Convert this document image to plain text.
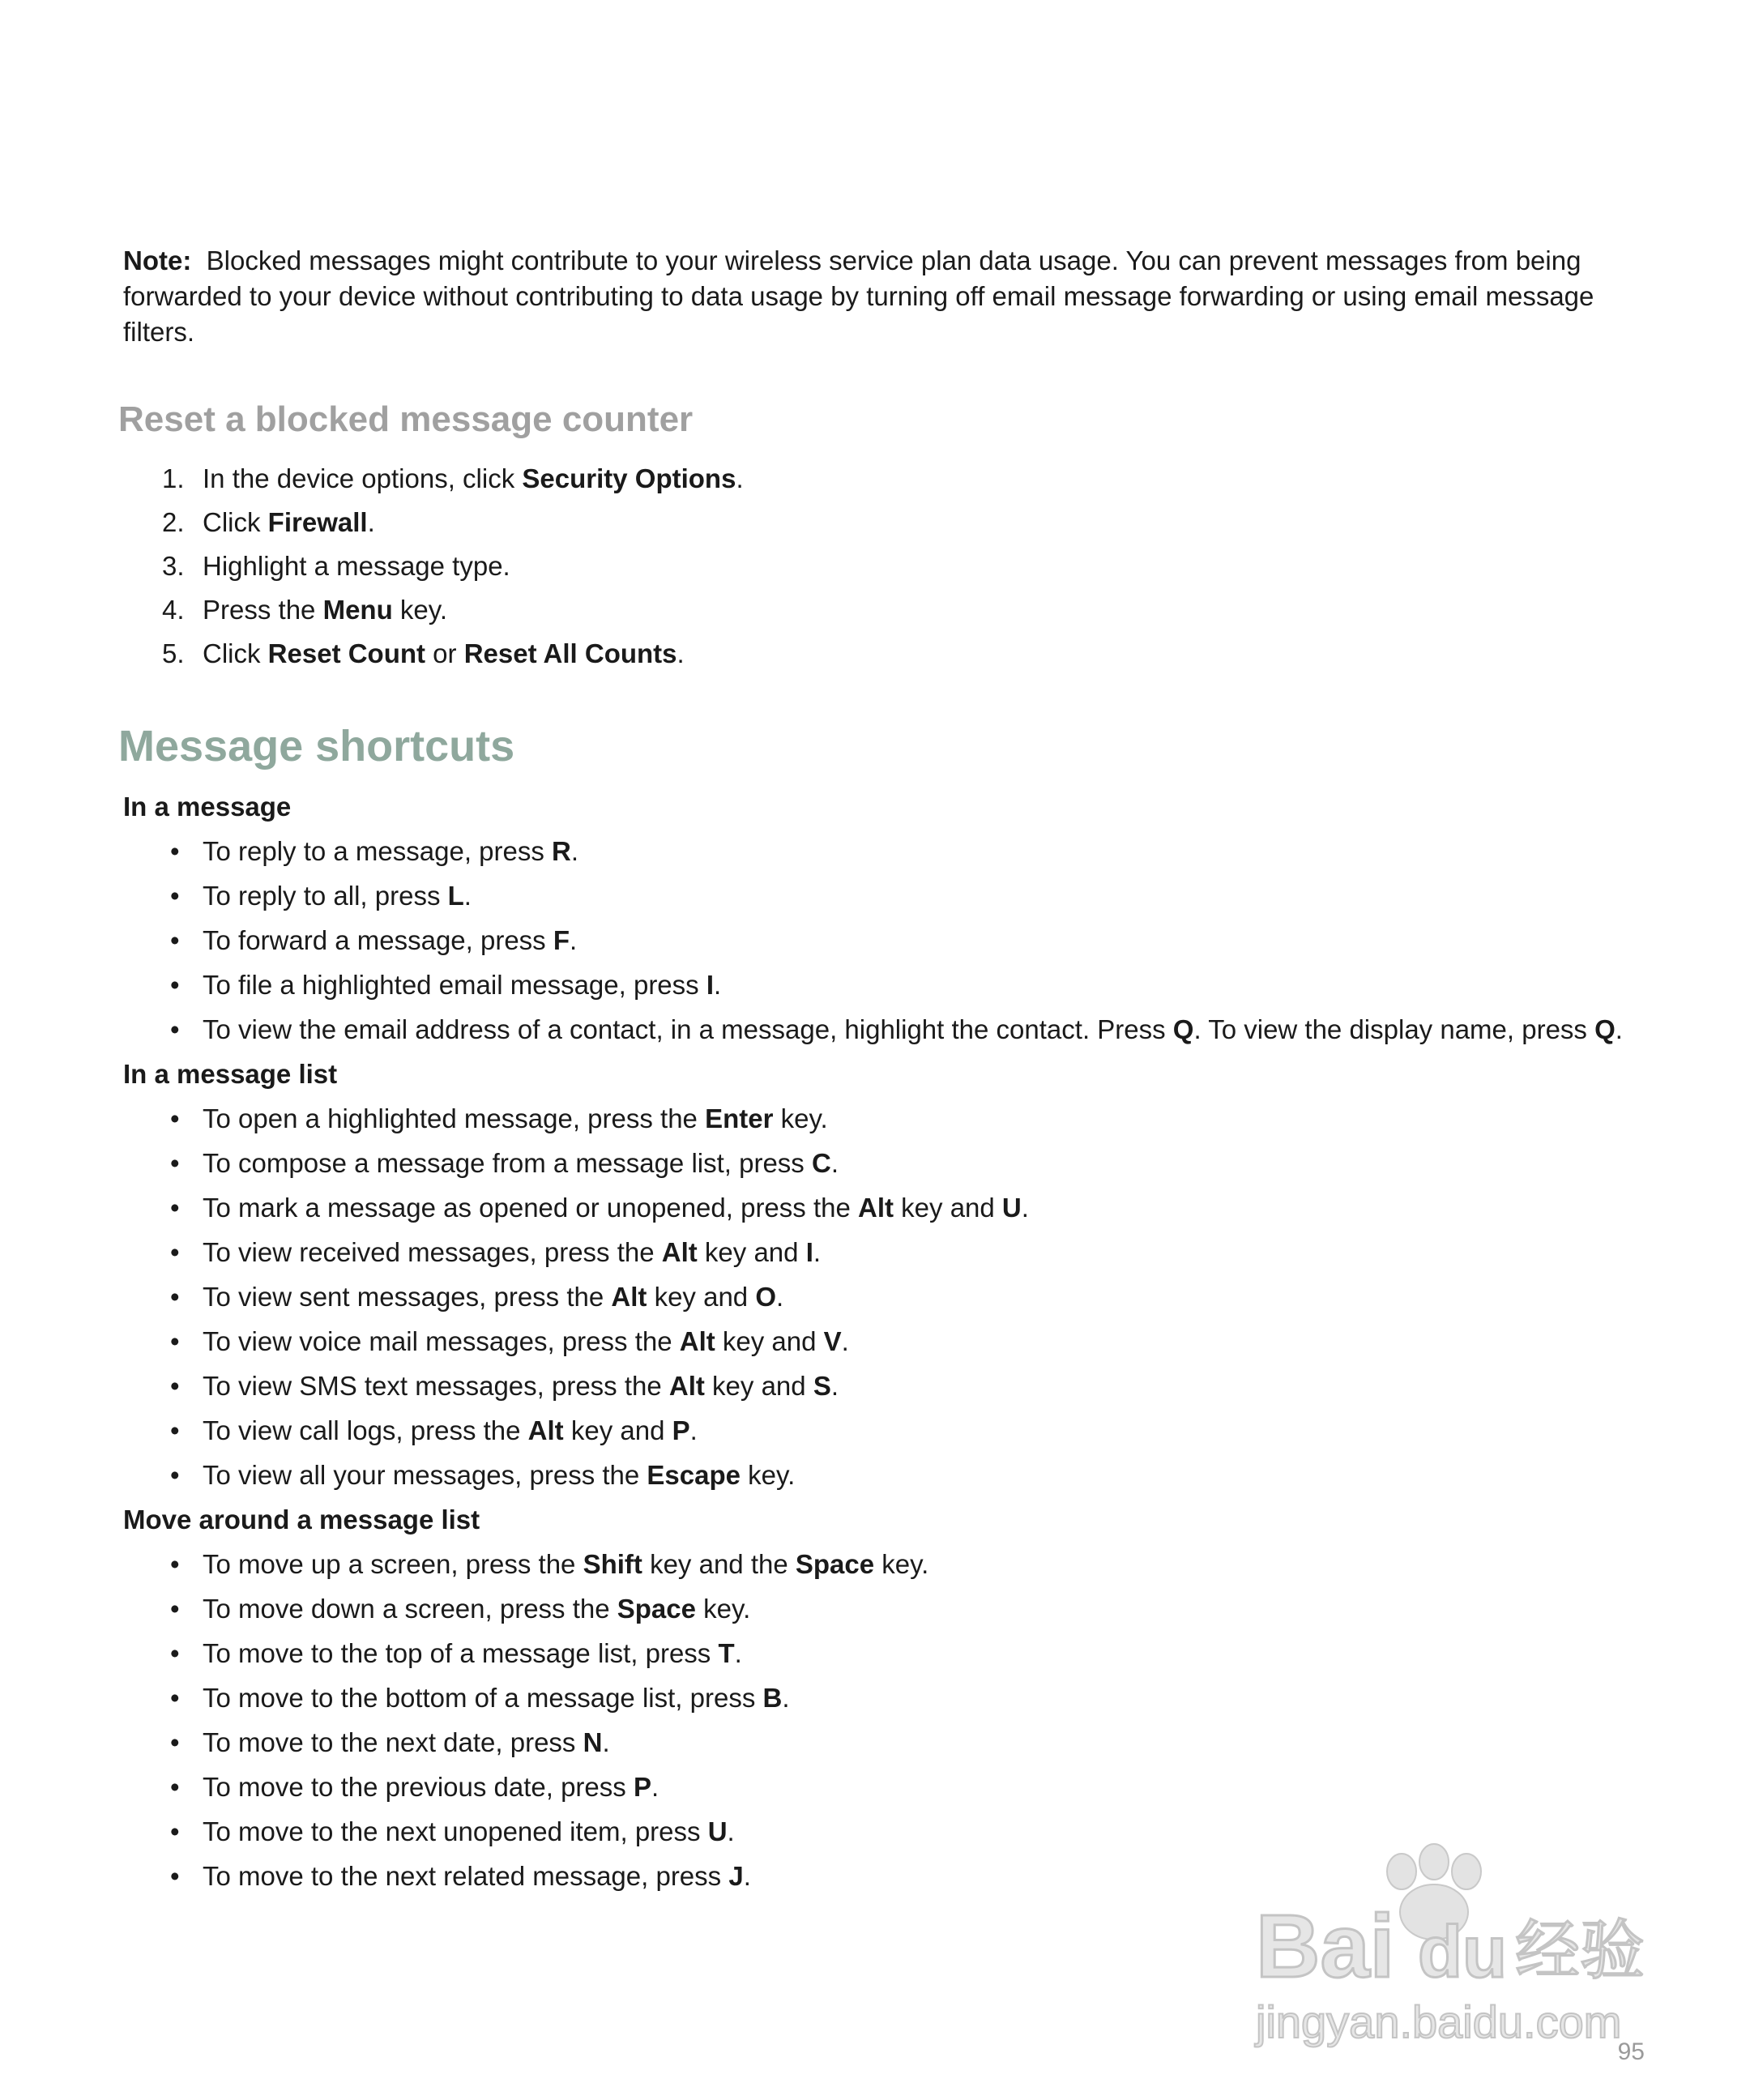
Note: Blocked messages might contribute to your wireless service plan data usage. You can prevent messages from being forwarded to your device without contributing to data usage by turning off email message forwarding or using email message filters.

Reset a blocked message counter
1. In the device options, click Security Options.
2. Click Firewall.
3. Highlight a message type.
4. Press the Menu key.
5. Click Reset Count or Reset All Counts.
Message shortcuts
In a message
• To reply to a message, press R.
• To reply to all, press L.
• To forward a message, press F.
• To file a highlighted email message, press I.
• To view the email address of a contact, in a message, highlight the contact. Press Q. To view the display name, press Q.
In a message list
• To open a highlighted message, press the Enter key.
• To compose a message from a message list, press C.
• To mark a message as opened or unopened, press the Alt key and U.
• To view received messages, press the Alt key and I.
• To view sent messages, press the Alt key and O.
• To view voice mail messages, press the Alt key and V.
• To view SMS text messages, press the Alt key and S.
• To view call logs, press the Alt key and P.
• To view all your messages, press the Escape key.
Move around a message list
• To move up a screen, press the Shift key and the Space key.
• To move down a screen, press the Space key.
• To move to the top of a message list, press T.
• To move to the bottom of a message list, press B.
• To move to the next date, press N.
• To move to the previous date, press P.
• To move to the next unopened item, press U.
• To move to the next related message, press J.
Bai du 经验
jingyan.baidu.com
95
